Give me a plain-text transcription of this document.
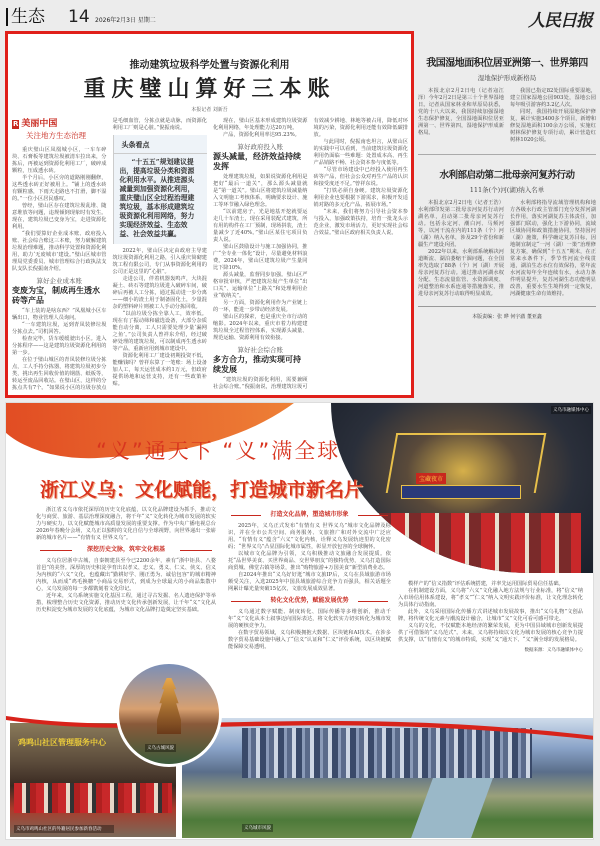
生态 14 2026年2月3日 星期二	人民日报
推动建筑垃圾科学处置与资源化利用
重庆璧山算好三本账
本报记者 刘新吾
R 美丽中国
关注地方生态治理

重庆璧山区凤凰城小区，一车车碎块、石膏板等建筑垃圾被清车拉出来，分拣后，再被运到资源化利用工厂，破碎成颗粒，压成透水砖。

半个月后，小区旁的道路刚刚翻修，这些透水砖正好被用上。“铺上的透水砖有颗粒感，下雨天走路也不打滑，脚不湿的。”一位小区居民感叹。

曾经，璧山区存在建筑垃圾乱堆、随意堆放等问题，违规倾倒现象时有发生。现在，建筑垃圾已变身为宝，走进资源化利用。

“我们要算好企业成本账、政府投入账、社会综合账这三本账，努力破解建筑垃圾治理难题，推动科学处置和资源化利用，助力‘无废城市’建设。”璧山区城市管理局党委委员、城市管理综合行政执法支队支队长倪振南介绍。

算好企业成本账
变废为宝，制成再生透水砖等产品

“车上装的是啥东西？”凤凰城小区车辆出口，物业管理人员询问。

“一车建筑垃圾，运到青凤装修垃圾分拣点去。”司机回答。

检查完毕，货车缓缓驶出小区。进入分拣程序——这是建筑垃圾资源化利用的第一步。

在位于璧山城区的青凤装修垃圾分拣点，工人手持分拣器，将建筑垃圾初步分类，挑出再生回收价值的钢筋、纸板等，转运至废品回收站。在璧山区，这样的分拣点共有7个。“如果说小区的垃圾存放点是毛细血管，分拣点就是动脉，而资源化利用工厂则是心脏。”倪振南说。

头条看点

“十五五”规划建议提出，提高垃圾分类和资源化利用水平。从推进源头减量到加强资源化利用，重庆璧山区全过程治理建筑垃圾，基本形成建筑垃圾资源化利用网络，努力实现经济效益、生态效益、社会效益共赢。

2022年，璧山区决定由政府主导建筑垃圾资源化利用之路，引入重庆简砌建筑工程有限公司，专门从事资源化利用的公司正是这里的“心脏”。

走进公司，伴着机器轰鸣声，大块混凝土、砖石等建筑垃圾进入破碎车间，破碎后再被人工分拣，通过振动进一步分离——细小的渣土用于制备固化土，少量混杂的塑料碎片则被工人手动分拣回收。

“以前垃圾分拣全靠人工，效率低。现在有了振动筛和磁选设备，大部分杂质能自动分离，工人只需要处理少量‘漏网之鱼’。”公司负责人曾祥东介绍，经过破碎处理的建筑垃圾，可以制成再生透水砖等产品，重新应用到城市建设中。

资源化利用工厂建设初期投资不低，能赚钱吗？曾祥东算了一笔账：场上设备加人工，每天运营成本约1万元，但政府提供场地和运营支持，还有一些政策补贴。

现在，璧山区基本形成建筑垃圾资源化利用网络，年处理能力达20万吨。

产品，资源化利用率达95.23%。

算好政府投入账
源头减量，经济效益持续发挥

处理建筑垃圾，如果说资源化利用是把好“最后一道关”，那么源头减量就是“第一道关”。璧山区将建筑垃圾减量纳入文明施工考核体系，明确要求设计、施工等环节融入绿色理念。

“以前建房子，光是地基开挖就要运走几十车渣土，现在采用装配式建筑，所有用的构件在工厂预制，现场拼装，渣土量减少了近40%。”璧山区某住宅项目负责人说。

璧山区鼓励设计与施工加强协同，推广“全专业一体化”设计，尽量避免材料浪费。2024年，璧山区建筑垃圾产生量同比下降10%。

源头减量，监督同步加强。璧山区严格审批审核，严把建筑垃圾产生单位“出口关”、运输单位“上路关”和处理利用企业“收纳关”。

另一方面，资源化利用作为产业链上的一环，能进一步带动经济发展。

璧山区的探索，也是重庆全市行动的缩影。2024年以来，重庆市着力构建建筑垃圾全过程管控体系，实现源头减量、规范运输、资源利用有效衔接。

算好社会综合账
多方合力，推动实现可持续发展

“建筑垃圾的资源化利用，需要兼顾社会综合账。”倪振南说，治理建筑垃圾可有效减少耕地、林地等被占用，降低对环境的污染，资源化利用还能有效降低碳排放。

与此同时，倪振南也坦言，从璧山区的实践中可以看到，当前建筑垃圾资源化利用仍面临一些难题：处置成本高、再生产品销路不畅、社会资本参与度低等。

“尽管市场建设中已经投入使用再生砖等产品，但社会公众对再生产品的认识和接受度还不足。”曾祥东说。

“打铁必须自身硬。建筑垃圾资源化利用企业也要根据下游需求，积极开发适销对路的多元化产品，拓展市场。”

“未来，我们将努力引导社会资本参与投入，加强政策扶持，培育一批龙头示范企业，激发市场活力，更好实现社会综合效益。”璧山区政府相关负责人说。

我国湿地面积位居亚洲第一、世界第四
湿地保护形成新格局

本报北京2月2日电（记者寇江泽）今年2月2日是第三十个世界湿地日。记者从国家林业和草原局获悉，党的十八大以来，我国持续加强湿地生态保护修复，全国湿地面积位居亚洲第一、世界第四，湿地保护形成新格局。

我国已指定82处国际重要湿地，建立国家湿地公园903处，湿地公园每年吸引游客约3.2亿人次。

同时，我国持续开展湿地保护修复，累计实施3400多个项目，新增和修复湿地面积100余万公顷，实施红树林保护修复专项行动，累计营造红树林1020公顷。

水利部启动第二批母亲河复苏行动
111条(个)河(湖)纳入名单

本报北京2月2日电（记者王浩）水利部印发第二批母亲河复苏行动河湖名单，启动第二批母亲河复苏行动。包括永定河、潮白河、马颊河等，以河干流在内的111条（个）河（湖）纳入名单，涉及29个省份和新疆生产建设兵团。

2022年以来，水利部系统解决河道断流、湖泊萎缩干涸问题，在全国率先选取了88条（个）河（湖）开展母亲河复苏行动。通过推动河湖水权分配、生态流量监管、水资源调度、河道整治和水系连通等措施落实，推进母亲河复苏行动取得明显成效。

水利部将指导流域管理机构和地方各级水行政主管部门充分发挥河湖长作用，落实河湖复苏主体责任，加强部门联动，强化上下游协同，流域区域协同和政策措施协同，坚持因河（湖）施策，科学确定复苏目标，因地制宜制定“一河（湖）一策”治理修复方案，确保到“十五五”期末，在正常来水条件下，季节性河流全线贯通，湖泊生态水位有效保持，常年流水河流每年全年连续有水，水动力条件明显提升，复苏河湖生态功能明显改善，重要水生生境得到一定恢复，河湖健康生命有效维持。

本版责编：张 晔 何宇澈 董亚鑫
宝藏夜市
义乌市融媒体中心
“义”通天下 “义”满全球
浙江义乌：文化赋能，打造城市新名片

浙江省义乌市依托深厚的历史文化底蕴，以文化品牌建设为抓手，推动文化与商贸、旅游、基层治理深度融合，将千年“义”文化转化为城市发展的软实力与硬实力，以文化赋能城市高质量发展的重要支撑。作为中央广播电视总台2026年春晚分会场，义乌正以独特的文化自信与全球视野，向世界递出一张崭新的城市名片——“有情有义 世界义乌”。

深挖历史文脉，筑牢文化根基

义乌位居浙中古城，自秦朝建县至今已2200余年，素有“浙中钜县、八婺首邑”的美誉。深厚的历史积淀孕育出以孝义、忠义、勇义、仁义、侠义、信义为内核的“六义”文化，也蕴藏出“勤耕好学、刚正勇为、诚信包容”的城市精神内核，从而成“鸡毛换糖”小商品交易形式，到成为全球最大的小商品集散中心，义乌发展的每一步都镌刻着文化印记。

近年来，义乌系统实施文化基因工程，通过寻古发掘、名人遗迹保护等举措，梳理整合历史文化资源，推动历史文化传承创新发展，让千年“义”文化从历史积淀变为城市发展的文化底蕴，为城市文化品牌打造奠定坚实基础。

打造文化品牌，塑造城市形象

2025年，义乌正式发布“有情有义 世界义乌”城市文化品牌及标识，并在全市公共空间、商务服务、文旅推广和对外交流中广泛应用。“有情有义”蕴含“六义”文化内核，诠释义乌发展轨迹里的文化密码；“世界义乌”凸显国际化城市属性，彰显开放包容的全球胸怀。

以城市文化品牌为引领，义乌积极推动文旅融合发展提质。依托“品世界美食、买世界商品、交世界朋友”的独特优势，义乌打造国际商贸城、佛堂古镇等场景，推出“购物旅游+万国美食”新型消费业态。

自2024年推出“义乌好好逛”城市文旅IP后，义乌在县域旅游市场颇受关注，入选2025年中国县域旅游综合竞争力百强县，相关话题全网累计曝光量突破15亿次，文旅发展成效显著。

转化文化优势，赋能发展优势

义乌通过数字赋能、制度转化、国际传播等多维创新，推动千年“义”文化从本土叙事迈向国际表达，将文化软实力切实转化为城市发展的硬核竞争力。

在数字贸易领域，义乌积极拥抱大数据、区块链和AI技术。在涉多数字贸易基础设施中融入了“信义”认证和“仁义”评价系统，以区块链赋能保障交易透明。

模样产的“信义指数”评估系统搭建，并率先运用国际贸易信任基础。

在机制建设方面，义乌将“六义”文化融入地方法规与行业标准，将“信义”纳入市场信用体系建设，将“孝义”“仁义”纳入文明实践评价标准，让文化理念转化为具体行动指南。

此外，义乌采用国际化传播方式讲述城市发展故事，推出“义乌礼物”文创品牌，将传统文化元素与潮流设计融合，让城市“义”文化可看可感可带走。

义乌的文化，不仅赋能本地经济的繁荣发展，更为中国县域城市创新发展提供了可借鉴的“义乌范式”。未来，义乌将持续以文化为城市发展的核心竞争力提供支撑，以“有情有义”的城市特质，实现“义”通天下、“义”满全球的发展格局。

数据来源：义乌市融媒体中心
鸡鸣山社区管理服务中心
义乌市鸡鸣山社区的外籍居民参加新春活动	义乌城市风貌
义乌古城风貌
